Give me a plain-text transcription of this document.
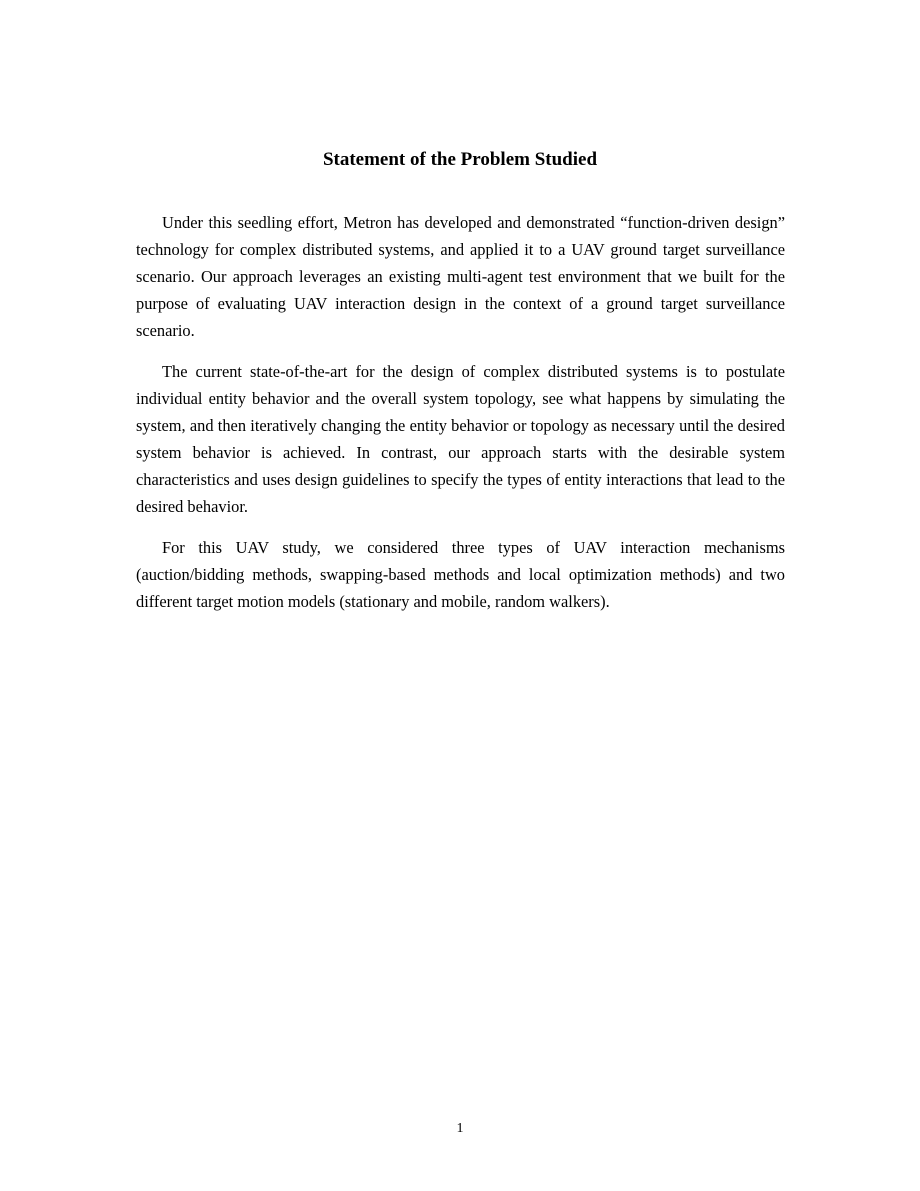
Statement of the Problem Studied

Under this seedling effort, Metron has developed and demonstrated “function-driven design” technology for complex distributed systems, and applied it to a UAV ground target surveillance scenario. Our approach leverages an existing multi-agent test environment that we built for the purpose of evaluating UAV interaction design in the context of a ground target surveillance scenario.

The current state-of-the-art for the design of complex distributed systems is to postulate individual entity behavior and the overall system topology, see what happens by simulating the system, and then iteratively changing the entity behavior or topology as necessary until the desired system behavior is achieved. In contrast, our approach starts with the desirable system characteristics and uses design guidelines to specify the types of entity interactions that lead to the desired behavior.

For this UAV study, we considered three types of UAV interaction mechanisms (auction/bidding methods, swapping-based methods and local optimization methods) and two different target motion models (stationary and mobile, random walkers).

1
